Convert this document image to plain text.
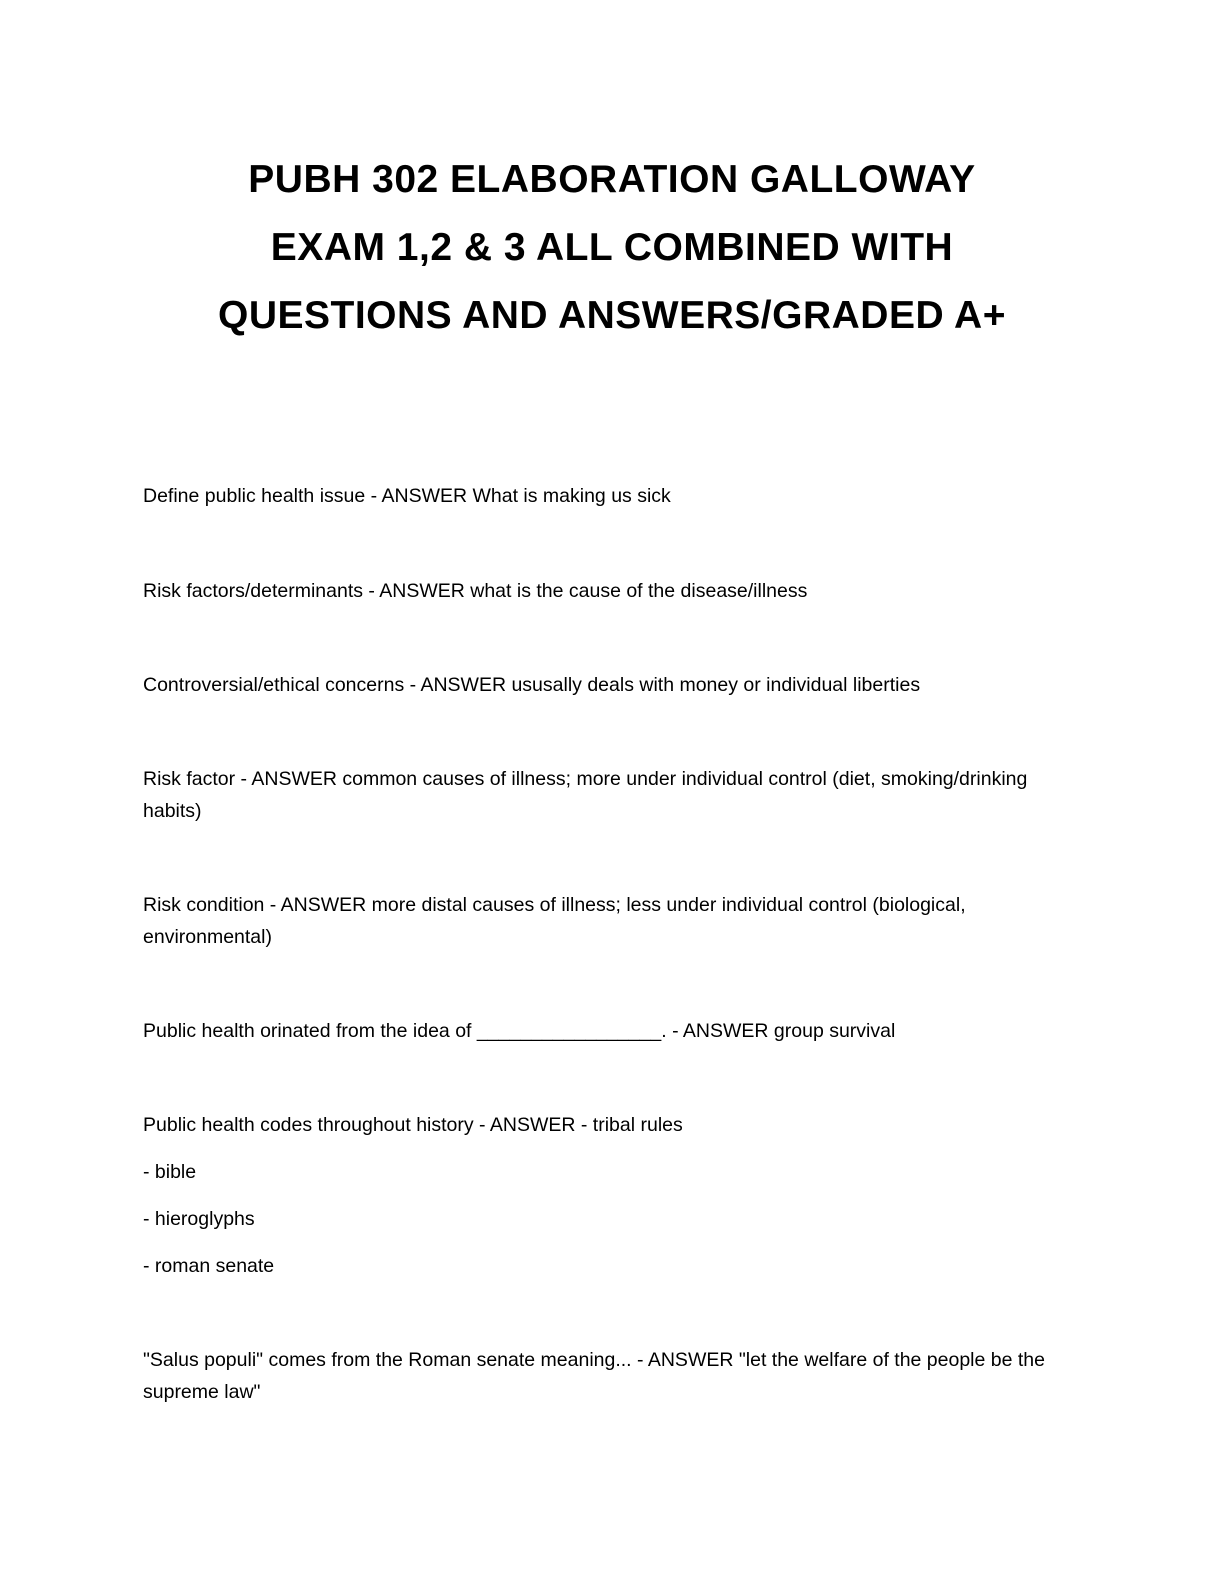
PUBH 302 ELABORATION GALLOWAY
EXAM 1,2 & 3 ALL COMBINED WITH
QUESTIONS AND ANSWERS/GRADED A+

Define public health issue - ANSWER What is making us sick

Risk factors/determinants - ANSWER what is the cause of the disease/illness

Controversial/ethical concerns - ANSWER ususally deals with money or individual liberties

Risk factor - ANSWER common causes of illness; more under individual control (diet, smoking/drinking habits)

Risk condition - ANSWER more distal causes of illness; less under individual control (biological, environmental)

Public health orinated from the idea of _________________. - ANSWER group survival

Public health codes throughout history - ANSWER - tribal rules

- bible
- hieroglyphs
- roman senate

"Salus populi" comes from the Roman senate meaning... - ANSWER "let the welfare of the people be the supreme law"
